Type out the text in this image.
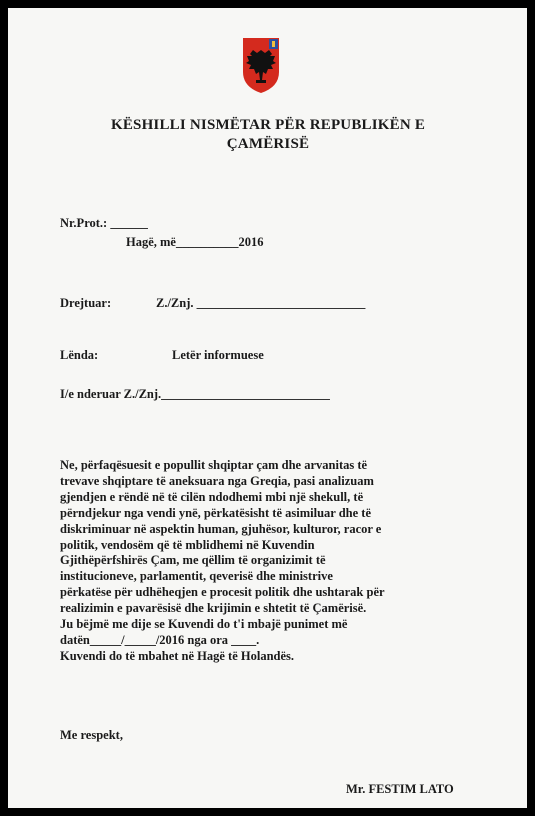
KËSHILLI NISMËTAR PËR REPUBLIKËN E
ÇAMËRISË
Nr.Prot.: ______
Hagë, më__________2016
Drejtuar:	Z./Znj. ___________________________
Lënda:	Letër informuese
I/e nderuar Z./Znj.___________________________
Ne, përfaqësuesit e popullit shqiptar çam dhe arvanitas të
trevave shqiptare të aneksuara nga Greqia, pasi analizuam
gjendjen e rëndë në të cilën ndodhemi mbi një shekull, të
përndjekur nga vendi ynë, përkatësisht të asimiluar dhe të
diskriminuar në aspektin human, gjuhësor, kulturor, racor e
politik, vendosëm që të mblidhemi në Kuvendin
Gjithëpërfshirës Çam, me qëllim të organizimit të
institucioneve, parlamentit, qeverisë dhe ministrive
përkatëse për udhëheqjen e procesit politik dhe ushtarak për
realizimin e pavarësisë dhe krijimin e shtetit të Çamërisë.
Ju bëjmë me dije se Kuvendi do t'i mbajë punimet më
datën_____/_____/2016 nga ora ____.
Kuvendi do të mbahet në Hagë të Holandës.
Me respekt,
Mr. FESTIM LATO
